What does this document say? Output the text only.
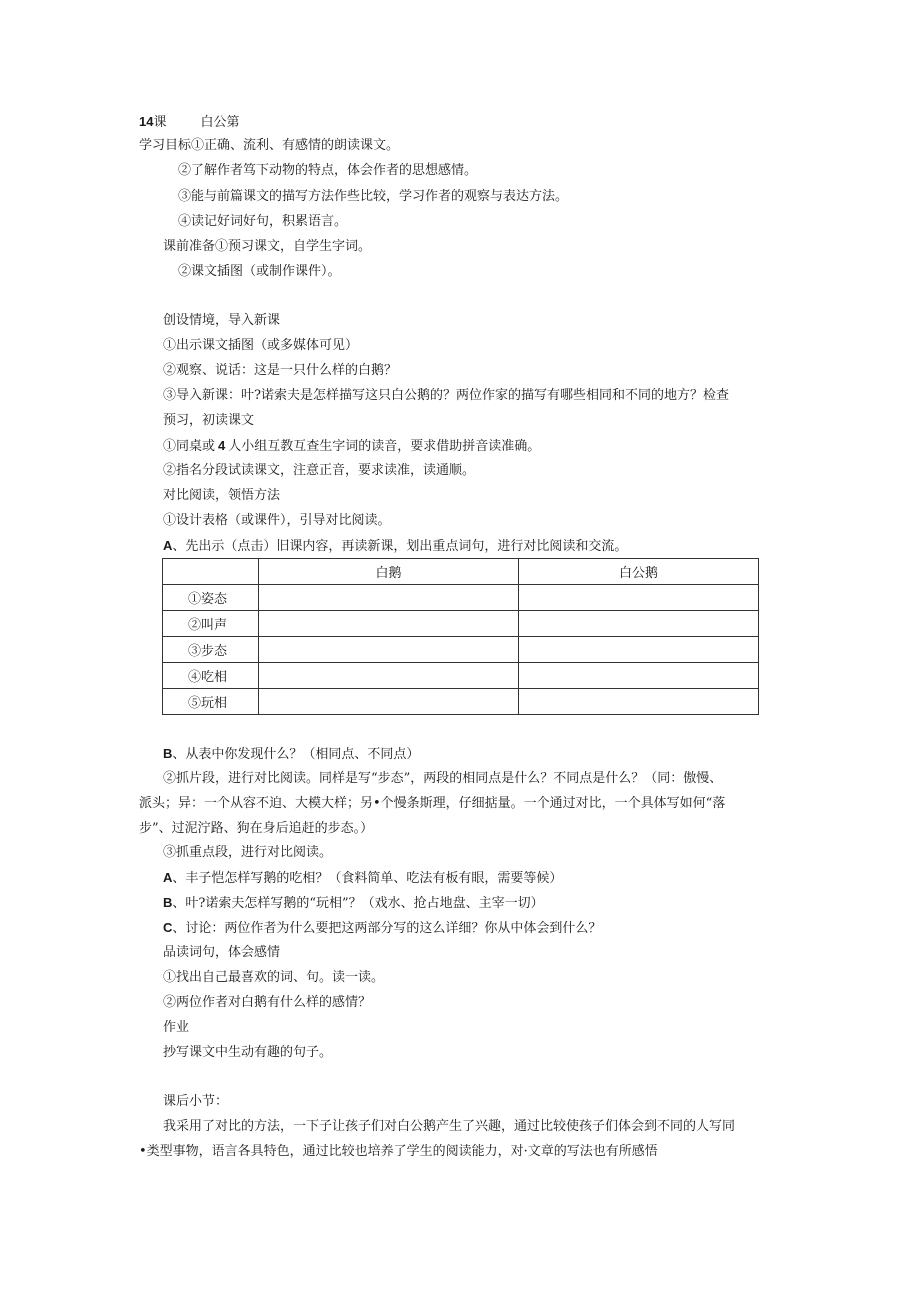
14课	白公第
学习目标①正确、流利、有感情的朗读课文。
②了解作者笃下动物的特点，体会作者的思想感情。
③能与前篇课文的描写方法作些比较，学习作者的观察与表达方法。
④读记好词好句，积累语言。
课前准备①预习课文，自学生字词。
②课文插图（或制作课件）。
创设情境，导入新课
①出示课文插图（或多媒体可见）
②观察、说话：这是一只什么样的白鹅？
③导入新课：叶?诺索夫是怎样描写这只白公鹅的？两位作家的描写有哪些相同和不同的地方？检查
预习，初读课文
①同桌或 4 人小组互教互查生字词的读音，要求借助拼音读准确。
②指名分段试读课文，注意正音，要求读准，读通顺。
对比阅读，领悟方法
①设计表格（或课件），引导对比阅读。
A、先出示（点击）旧课内容，再读新课，划出重点词句，进行对比阅读和交流。
	白鹅	白公鹅
①姿态		
②叫声		
③步态		
④吃相		
⑤玩相		
B、从表中你发现什么？（相同点、不同点）
②抓片段，进行对比阅读。同样是写“步态”，两段的相同点是什么？不同点是什么？（同：傲慢、
派头；异：一个从容不迫、大模大样；另•个慢条斯理，仔细掂量。一个通过对比，一个具体写如何“落
步”、过泥泞路、狗在身后追赶的步态。）
③抓重点段，进行对比阅读。
A、丰子恺怎样写鹅的吃相？（食料简单、吃法有板有眼，需要等候）
B、叶?诺索夫怎样写鹅的“玩相”？（戏水、抢占地盘、主宰一切）
C、讨论：两位作者为什么要把这两部分写的这么详细？你从中体会到什么？
品读词句，体会感情
①找出自己最喜欢的词、句。读一读。
②两位作者对白鹅有什么样的感情？
作业
抄写课文中生动有趣的句子。
课后小节：
我采用了对比的方法，一下子让孩子们对白公鹅产生了兴趣，通过比较使孩子们体会到不同的人写同
•类型事物，语言各具特色，通过比较也培养了学生的阅读能力，对·文章的写法也有所感悟
